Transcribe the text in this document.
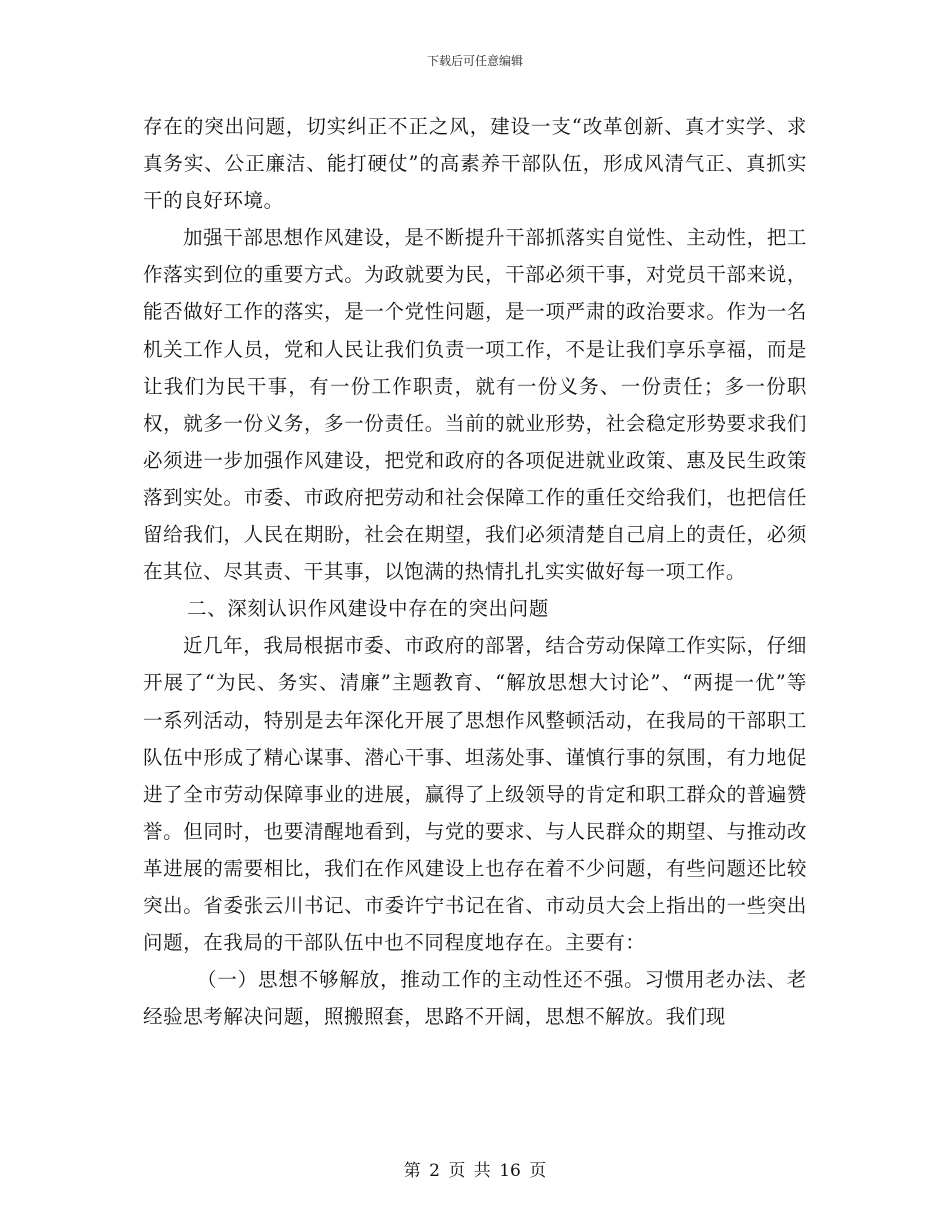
下载后可任意编辑

存在的突出问题，切实纠正不正之风，建设一支“改革创新、真才实学、求真务实、公正廉洁、能打硬仗”的高素养干部队伍，形成风清气正、真抓实干的良好环境。

加强干部思想作风建设，是不断提升干部抓落实自觉性、主动性，把工作落实到位的重要方式。为政就要为民，干部必须干事，对党员干部来说，能否做好工作的落实，是一个党性问题，是一项严肃的政治要求。作为一名机关工作人员，党和人民让我们负责一项工作，不是让我们享乐享福，而是让我们为民干事，有一份工作职责，就有一份义务、一份责任；多一份职权，就多一份义务，多一份责任。当前的就业形势，社会稳定形势要求我们必须进一步加强作风建设，把党和政府的各项促进就业政策、惠及民生政策落到实处。市委、市政府把劳动和社会保障工作的重任交给我们，也把信任留给我们，人民在期盼，社会在期望，我们必须清楚自己肩上的责任，必须在其位、尽其责、干其事，以饱满的热情扎扎实实做好每一项工作。

二、深刻认识作风建设中存在的突出问题

近几年，我局根据市委、市政府的部署，结合劳动保障工作实际，仔细开展了“为民、务实、清廉”主题教育、“解放思想大讨论”、“两提一优”等一系列活动，特别是去年深化开展了思想作风整顿活动，在我局的干部职工队伍中形成了精心谋事、潜心干事、坦荡处事、谨慎行事的氛围，有力地促进了全市劳动保障事业的进展，赢得了上级领导的肯定和职工群众的普遍赞誉。但同时，也要清醒地看到，与党的要求、与人民群众的期望、与推动改革进展的需要相比，我们在作风建设上也存在着不少问题，有些问题还比较突出。省委张云川书记、市委许宁书记在省、市动员大会上指出的一些突出问题，在我局的干部队伍中也不同程度地存在。主要有：

（一）思想不够解放，推动工作的主动性还不强。习惯用老办法、老经验思考解决问题，照搬照套，思路不开阔，思想不解放。我们现

第 2 页 共 16 页
